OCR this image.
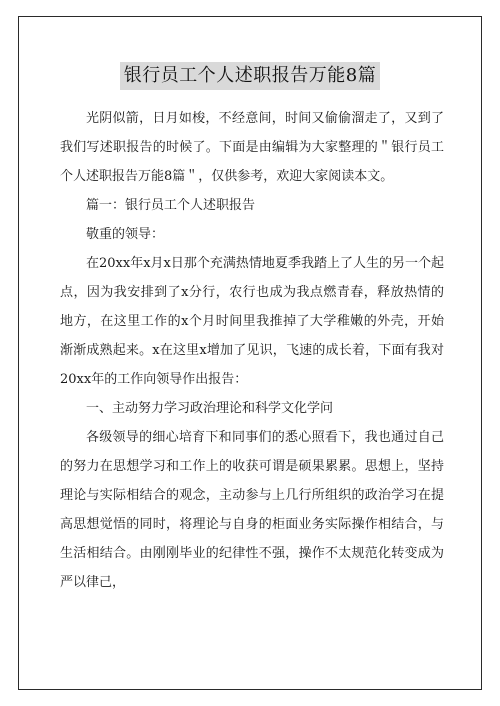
银行员工个人述职报告万能8篇

光阴似箭，日月如梭，不经意间，时间又偷偷溜走了，又到了我们写述职报告的时候了。下面是由编辑为大家整理的＂银行员工个人述职报告万能8篇＂，仅供参考，欢迎大家阅读本文。

篇一：银行员工个人述职报告

敬重的领导：

在20xx年x月x日那个充满热情地夏季我踏上了人生的另一个起点，因为我安排到了x分行，农行也成为我点燃青春，释放热情的地方，在这里工作的x个月时间里我推掉了大学稚嫩的外壳，开始渐渐成熟起来。x在这里x增加了见识，飞速的成长着，下面有我对20xx年的工作向领导作出报告：

一、主动努力学习政治理论和科学文化学问

各级领导的细心培育下和同事们的悉心照看下，我也通过自己的努力在思想学习和工作上的收获可谓是硕果累累。思想上，坚持理论与实际相结合的观念，主动参与上几行所组织的政治学习在提高思想觉悟的同时，将理论与自身的柜面业务实际操作相结合，与生活相结合。由刚刚毕业的纪律性不强，操作不太规范化转变成为严以律己，
